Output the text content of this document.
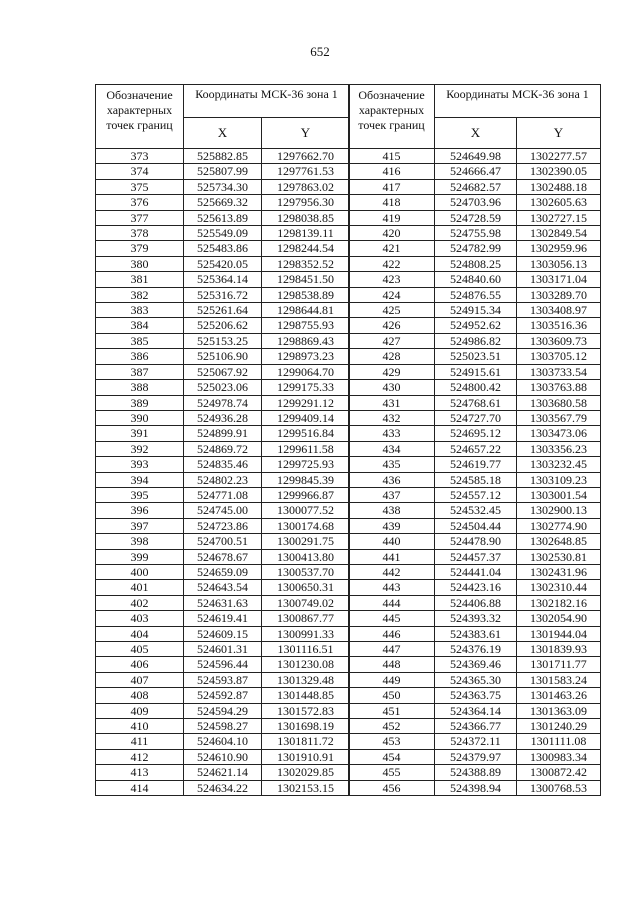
652
Обозначение характерных точек границ	Координаты МСК-36 зона 1	
	X	Y
373	525882.85	1297662.70
374	525807.99	1297761.53
375	525734.30	1297863.02
376	525669.32	1297956.30
377	525613.89	1298038.85
378	525549.09	1298139.11
379	525483.86	1298244.54
380	525420.05	1298352.52
381	525364.14	1298451.50
382	525316.72	1298538.89
383	525261.64	1298644.81
384	525206.62	1298755.93
385	525153.25	1298869.43
386	525106.90	1298973.23
387	525067.92	1299064.70
388	525023.06	1299175.33
389	524978.74	1299291.12
390	524936.28	1299409.14
391	524899.91	1299516.84
392	524869.72	1299611.58
393	524835.46	1299725.93
394	524802.23	1299845.39
395	524771.08	1299966.87
396	524745.00	1300077.52
397	524723.86	1300174.68
398	524700.51	1300291.75
399	524678.67	1300413.80
400	524659.09	1300537.70
401	524643.54	1300650.31
402	524631.63	1300749.02
403	524619.41	1300867.77
404	524609.15	1300991.33
405	524601.31	1301116.51
406	524596.44	1301230.08
407	524593.87	1301329.48
408	524592.87	1301448.85
409	524594.29	1301572.83
410	524598.27	1301698.19
411	524604.10	1301811.72
412	524610.90	1301910.91
413	524621.14	1302029.85
414	524634.22	1302153.15
Обозначение характерных точек границ	Координаты МСК-36 зона 1	
	X	Y
415	524649.98	1302277.57
416	524666.47	1302390.05
417	524682.57	1302488.18
418	524703.96	1302605.63
419	524728.59	1302727.15
420	524755.98	1302849.54
421	524782.99	1302959.96
422	524808.25	1303056.13
423	524840.60	1303171.04
424	524876.55	1303289.70
425	524915.34	1303408.97
426	524952.62	1303516.36
427	524986.82	1303609.73
428	525023.51	1303705.12
429	524915.61	1303733.54
430	524800.42	1303763.88
431	524768.61	1303680.58
432	524727.70	1303567.79
433	524695.12	1303473.06
434	524657.22	1303356.23
435	524619.77	1303232.45
436	524585.18	1303109.23
437	524557.12	1303001.54
438	524532.45	1302900.13
439	524504.44	1302774.90
440	524478.90	1302648.85
441	524457.37	1302530.81
442	524441.04	1302431.96
443	524423.16	1302310.44
444	524406.88	1302182.16
445	524393.32	1302054.90
446	524383.61	1301944.04
447	524376.19	1301839.93
448	524369.46	1301711.77
449	524365.30	1301583.24
450	524363.75	1301463.26
451	524364.14	1301363.09
452	524366.77	1301240.29
453	524372.11	1301111.08
454	524379.97	1300983.34
455	524388.89	1300872.42
456	524398.94	1300768.53
